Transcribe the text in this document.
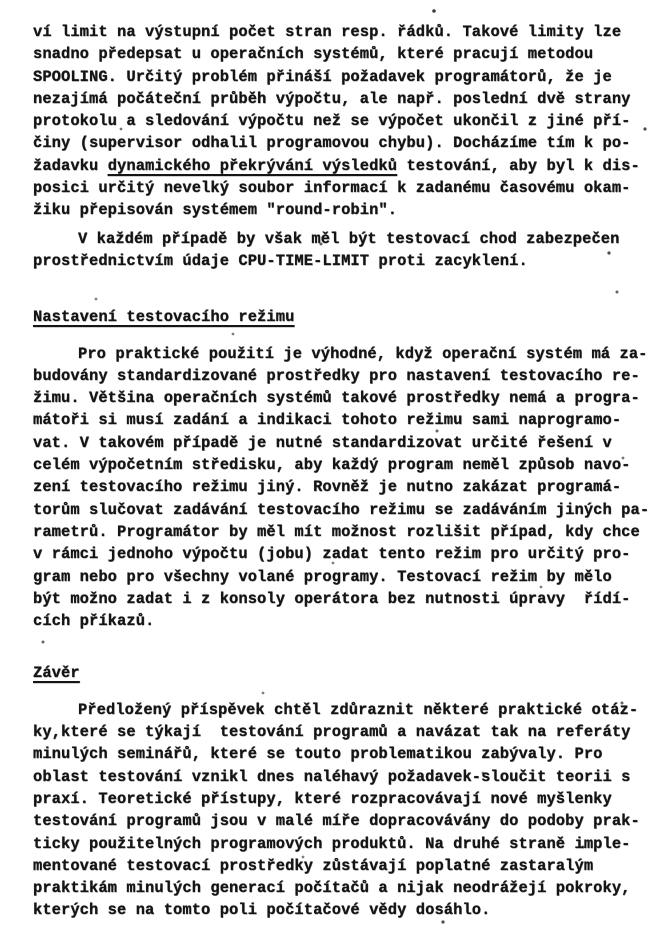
ví limit na výstupní počet stran resp. řádků. Takové limity lze
snadno předepsat u operačních systémů, které pracují metodou
SPOOLING. Určitý problém přináší požadavek programátorů, že je
nezajímá počáteční průběh výpočtu, ale např. poslední dvě strany
protokolu a sledování výpočtu než se výpočet ukončil z jiné pří-
činy (supervisor odhalil programovou chybu). Docházíme tím k po-
žadavku dynamického překrývání výsledků testování, aby byl k dis-
posici určitý nevelký soubor informací k zadanému časovému okam-
žiku přepisován systémem "round-robin".
V každém případě by však měl být testovací chod zabezpečen
prostřednictvím údaje CPU-TIME-LIMIT proti zacyklení.
Nastavení testovacího režimu
Pro praktické použití je výhodné, když operační systém má za-
budovány standardizované prostředky pro nastavení testovacího re-
žimu. Většina operačních systémů takové prostředky nemá a progra-
mátoři si musí zadání a indikaci tohoto režimu sami naprogramo-
vat. V takovém případě je nutné standardizovat určité řešení v
celém výpočetním středisku, aby každý program neměl způsob navo-
zení testovacího režimu jiný. Rovněž je nutno zakázat programá-
torům slučovat zadávání testovacího režimu se zadáváním jiných pa-
rametrů. Programátor by měl mít možnost rozlišit případ, kdy chce
v rámci jednoho výpočtu (jobu) zadat tento režim pro určitý pro-
gram nebo pro všechny volané programy. Testovací režim by mělo
být možno zadat i z konsoly operátora bez nutnosti úpravy  řídí-
cích příkazů.
Závěr
Předložený příspěvek chtěl zdůraznit některé praktické otáz-
ky,které se týkají  testování programů a navázat tak na referáty
minulých seminářů, které se touto problematikou zabývaly. Pro
oblast testování vznikl dnes naléhavý požadavek-sloučit teorii s
praxí. Teoretické přístupy, které rozpracovávají nové myšlenky
testování programů jsou v malé míře dopracovávány do podoby prak-
ticky použitelných programových produktů. Na druhé straně imple-
mentované testovací prostředky zůstávají poplatné zastaralým
praktikám minulých generací počítačů a nijak neodrážejí pokroky,
kterých se na tomto poli počítačové vědy dosáhlo.
